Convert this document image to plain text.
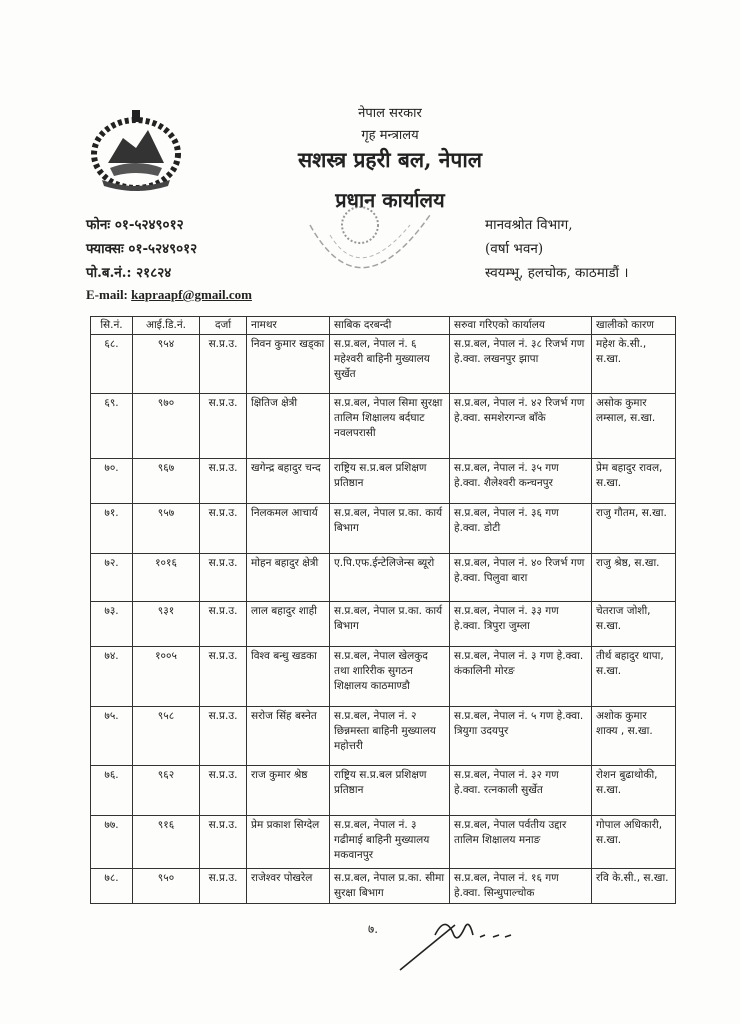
नेपाल सरकार
गृह मन्त्रालय
सशस्त्र प्रहरी बल, नेपाल
प्रधान कार्यालय
फोनः ०१-५२४९०१२
फ्याक्सः ०१-५२४९०१२
पो.ब.नं.: २१८२४
E-mail: kapraapf@gmail.com
मानवश्रोत विभाग,
(वर्षा भवन)
स्वयम्भू, हलचोक, काठमाडौं ।
सि.नं.	आई.डि.नं.	दर्जा	नामथर	साबिक दरबन्दी	सरुवा गरिएको कार्यालय	खालीको कारण
६८.	९५४	स.प्र.उ.	निवन कुमार खड्का	स.प्र.बल, नेपाल नं. ६ महेश्वरी बाहिनी मुख्यालय सुर्खेत	स.प्र.बल, नेपाल नं. ३८ रिजर्भ गण हे.क्वा. लखनपुर झापा	महेश के.सी., स.खा.
६९.	९७०	स.प्र.उ.	क्षितिज क्षेत्री	स.प्र.बल, नेपाल सिमा सुरक्षा तालिम शिक्षालय बर्दघाट नवलपरासी	स.प्र.बल, नेपाल नं. ४२ रिजर्भ गण हे.क्वा. समशेरगन्ज बाँके	असोक कुमार लम्साल, स.खा.
७०.	९६७	स.प्र.उ.	खगेन्द्र बहादुर चन्द	राष्ट्रिय स.प्र.बल प्रशिक्षण प्रतिष्ठान	स.प्र.बल, नेपाल नं. ३५ गण हे.क्वा. शैलेश्वरी कन्चनपुर	प्रेम बहादुर रावल, स.खा.
७१.	९५७	स.प्र.उ.	निलकमल आचार्य	स.प्र.बल, नेपाल प्र.का. कार्य बिभाग	स.प्र.बल, नेपाल नं. ३६ गण हे.क्वा. डोटी	राजु गौतम, स.खा.
७२.	१०१६	स.प्र.उ.	मोहन बहादुर क्षेत्री	ए.पि.एफ.ईन्टेलिजेन्स ब्यूरो	स.प्र.बल, नेपाल नं. ४० रिजर्भ गण हे.क्वा. पिलुवा बारा	राजु श्रेष्ठ, स.खा.
७३.	९३१	स.प्र.उ.	लाल बहादुर शाही	स.प्र.बल, नेपाल प्र.का. कार्य बिभाग	स.प्र.बल, नेपाल नं. ३३ गण हे.क्वा. त्रिपुरा जुम्ला	चेतराज जोशी, स.खा.
७४.	१००५	स.प्र.उ.	विश्व बन्धु खडका	स.प्र.बल, नेपाल खेलकुद तथा शारिरीक सुगठन शिक्षालय काठमाण्डौ	स.प्र.बल, नेपाल नं. ३ गण हे.क्वा. कंकालिनी मोरङ	तीर्थ बहादुर थापा, स.खा.
७५.	९५८	स.प्र.उ.	सरोज सिंह बस्नेत	स.प्र.बल, नेपाल नं. २ छिन्नमस्ता बाहिनी मुख्यालय महोत्तरी	स.प्र.बल, नेपाल नं. ५ गण हे.क्वा. त्रियुगा उदयपुर	अशोक कुमार शाक्य , स.खा.
७६.	९६२	स.प्र.उ.	राज कुमार श्रेष्ठ	राष्ट्रिय स.प्र.बल प्रशिक्षण प्रतिष्ठान	स.प्र.बल, नेपाल नं. ३२ गण हे.क्वा. रत्नकाली सुर्खेत	रोशन बुढाथोकी, स.खा.
७७.	९१६	स.प्र.उ.	प्रेम प्रकाश सिग्देल	स.प्र.बल, नेपाल नं. ३ गढीमाई बाहिनी मुख्यालय मकवानपुर	स.प्र.बल, नेपाल पर्वतीय उद्दार तालिम शिक्षालय मनाङ	गोपाल अधिकारी, स.खा.
७८.	९५०	स.प्र.उ.	राजेश्वर पोखरेल	स.प्र.बल, नेपाल प्र.का. सीमा सुरक्षा बिभाग	स.प्र.बल, नेपाल नं. १६ गण हे.क्वा. सिन्धुपाल्चोक	रवि के.सी., स.खा.
७.
